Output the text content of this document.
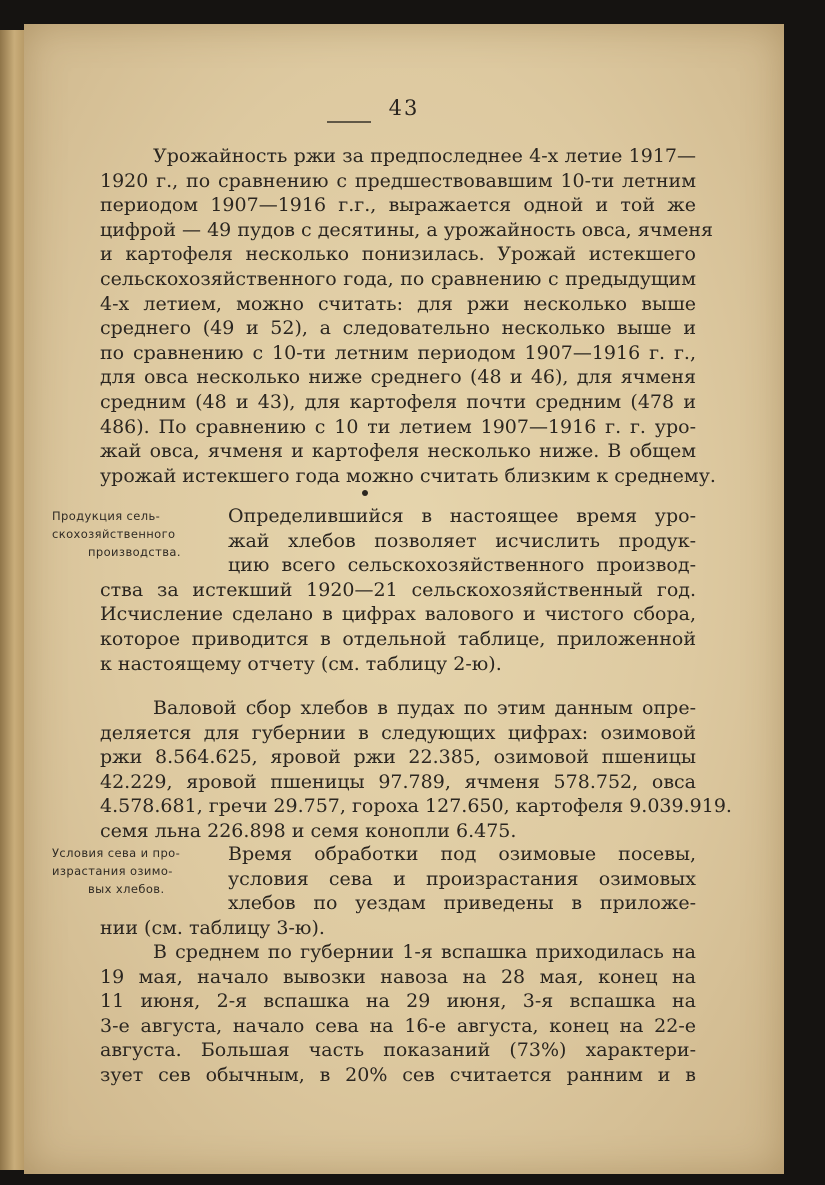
43
Урожайность ржи за предпоследнее 4-х летие 1917—
1920 г., по сравнению с предшествовавшим 10-ти летним
периодом 1907—1916 г.г., выражается одной и той же
цифрой — 49 пудов с десятины, а урожайность овса, ячменя
и картофеля несколько понизилась. Урожай истекшего
сельскохозяйственного года, по сравнению с предыдущим
4-х летием, можно считать: для ржи несколько выше
среднего (49 и 52), а следовательно несколько выше и
по сравнению с 10-ти летним периодом 1907—1916 г. г.,
для овса несколько ниже среднего (48 и 46), для ячменя
средним (48 и 43), для картофеля почти средним (478 и
486). По сравнению с 10 ти летием 1907—1916 г. г. уро-
жай овса, ячменя и картофеля несколько ниже. В общем
урожай истекшего года можно считать близким к среднему.
Продукция сель-
скохозяйственного
производства.
Определившийся в настоящее время уро-
жай хлебов позволяет исчислить продук-
цию всего сельскохозяйственного производ-
ства за истекший 1920—21 сельскохозяйственный год.
Исчисление сделано в цифрах валового и чистого сбора,
которое приводится в отдельной таблице, приложенной
к настоящему отчету (см. таблицу 2-ю).
Валовой сбор хлебов в пудах по этим данным опре-
деляется для губернии в следующих цифрах: озимовой
ржи 8.564.625, яровой ржи 22.385, озимовой пшеницы
42.229, яровой пшеницы 97.789, ячменя 578.752, овса
4.578.681, гречи 29.757, гороха 127.650, картофеля 9.039.919.
семя льна 226.898 и семя конопли 6.475.
Условия сева и про-
израстания озимо-
вых хлебов.
Время обработки под озимовые посевы,
условия сева и произрастания озимовых
хлебов по уездам приведены в приложе-
нии (см. таблицу 3-ю).
В среднем по губернии 1-я вспашка приходилась на
19 мая, начало вывозки навоза на 28 мая, конец на
11 июня, 2-я вспашка на 29 июня, 3-я вспашка на
3-е августа, начало сева на 16-е августа, конец на 22-е
августа. Большая часть показаний (73%) характери-
зует сев обычным, в 20% сев считается ранним и в
